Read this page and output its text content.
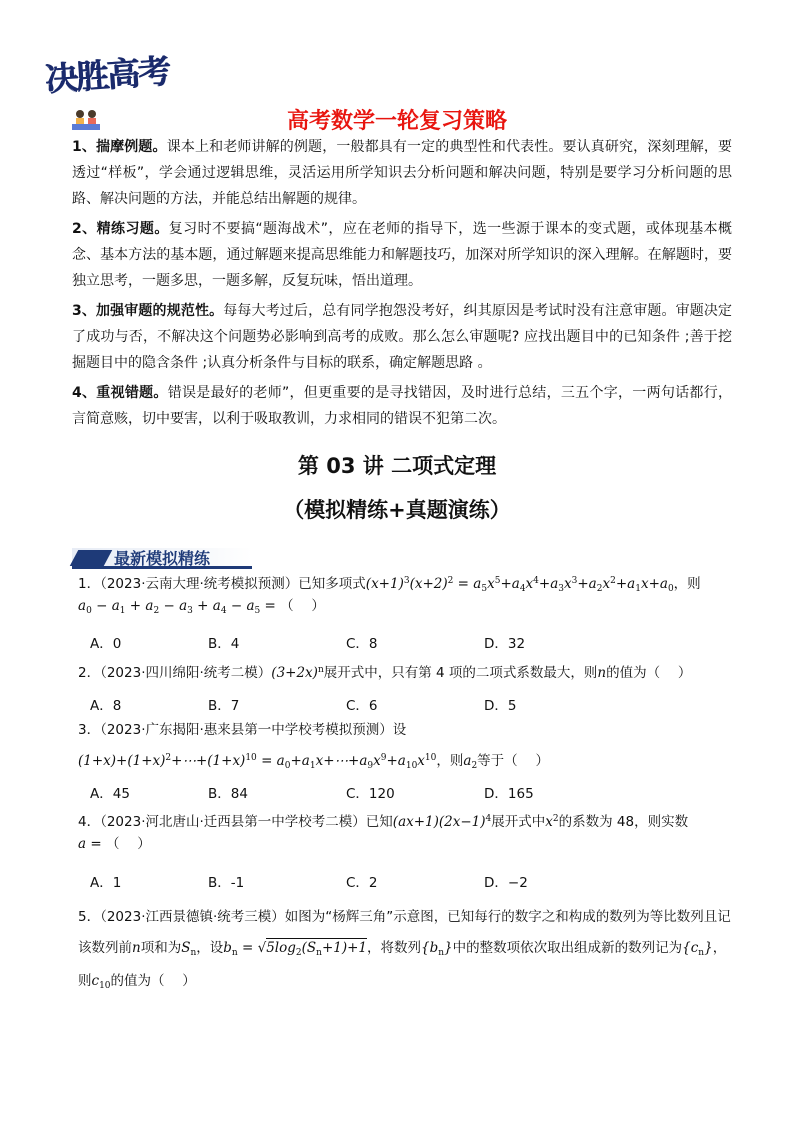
决胜高考
高考数学一轮复习策略
1、揣摩例题。课本上和老师讲解的例题，一般都具有一定的典型性和代表性。要认真研究，深刻理解，要透过“样板”，学会通过逻辑思维，灵活运用所学知识去分析问题和解决问题，特别是要学习分析问题的思路、解决问题的方法，并能总结出解题的规律。
2、精练习题。复习时不要搞“题海战术”，应在老师的指导下，选一些源于课本的变式题，或体现基本概念、基本方法的基本题，通过解题来提高思维能力和解题技巧，加深对所学知识的深入理解。在解题时，要独立思考，一题多思，一题多解，反复玩味，悟出道理。
3、加强审题的规范性。每每大考过后，总有同学抱怨没考好，纠其原因是考试时没有注意审题。审题决定了成功与否，不解决这个问题势必影响到高考的成败。那么怎么审题呢? 应找出题目中的已知条件 ;善于挖掘题目中的隐含条件 ;认真分析条件与目标的联系，确定解题思路 。
4、重视错题。错误是最好的老师”，但更重要的是寻找错因，及时进行总结，三五个字，一两句话都行，言简意赅，切中要害，以利于吸取教训，力求相同的错误不犯第二次。
第 03 讲 二项式定理
（模拟精练+真题演练）
最新模拟精练
1．（2023·云南大理·统考模拟预测）已知多项式$(x+1)^3(x+2)^2 = a_5x^5+a_4x^4+a_3x^3+a_2x^2+a_1x+a_0$，则
$a_0 - a_1 + a_2 - a_3 + a_4 - a_5$ = （　 ）
A．0	B．4	C．8	D．32
2．（2023·四川绵阳·统考二模）$(3+2x)^n$展开式中，只有第 4 项的二项式系数最大，则n的值为（　 ）
A．8	B．7	C．6	D．5
3．（2023·广东揭阳·惠来县第一中学校考模拟预测）设
$(1+x)+(1+x)^2+\cdots+(1+x)^{10}$ = $a_0+a_1x+\cdots+a_9x^9+a_{10}x^{10}$，则$a_2$等于（　 ）
A．45	B．84	C．120	D．165
4．（2023·河北唐山·迁西县第一中学校考二模）已知$(ax+1)(2x-1)^4$展开式中$x^2$的系数为 48，则实数
a = （　 ）
A．1	B．-1	C．2	D．−2
5．（2023·江西景德镇·统考三模）如图为“杨辉三角”示意图，已知每行的数字之和构成的数列为等比数列且记该数列前n项和为$S_n$，设$b_n = √5\log_2(S_n+1)+1$，将数列$\{b_n\}$中的整数项依次取出组成新的数列记为$\{c_n\}$，则$c_{10}$的值为（　 ）
